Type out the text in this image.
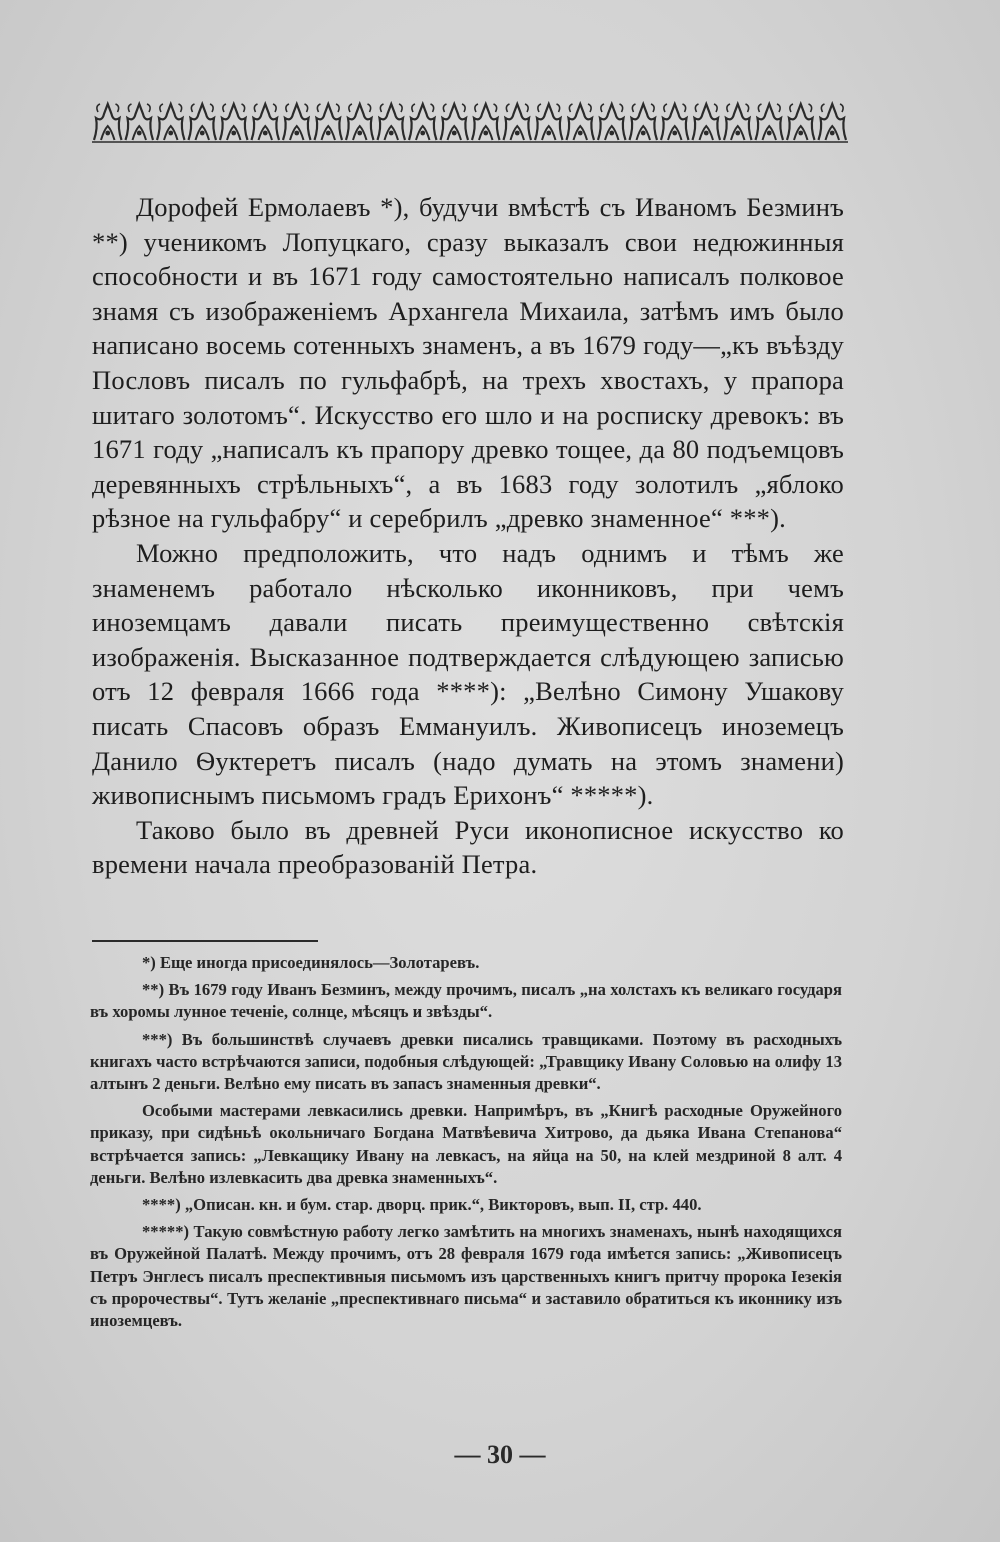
Дорофей Ермолаевъ *), будучи вмѣстѣ съ Иваномъ Безминъ **) ученикомъ Лопуцкаго, сразу выказалъ свои недюжинныя способности и въ 1671 году самостоятельно написалъ полковое знамя съ изображеніемъ Архангела Михаила, затѣмъ имъ было написано восемь сотенныхъ знаменъ, а въ 1679 году—„къ въѣзду Пословъ писалъ по гульфабрѣ, на трехъ хвостахъ, у прапора шитаго золотомъ“. Искусство его шло и на роспиcку древокъ: въ 1671 году „написалъ къ прапору древко тощее, да 80 подъемцовъ деревянныхъ стрѣльныхъ“, а въ 1683 году золотилъ „яблоко рѣзное на гульфабру“ и серебрилъ „древко знаменное“ ***).

Можно предположить, что надъ однимъ и тѣмъ же знаменемъ работало нѣсколько иконниковъ, при чемъ иноземцамъ давали писать преимущественно свѣтскія изображенія. Высказанное подтверждается слѣдующею записью отъ 12 февраля 1666 года ****): „Велѣно Симону Ушакову писать Спасовъ образъ Еммануилъ. Живописецъ иноземецъ Данило Ѳуктеретъ писалъ (надо думать на этомъ знамени) живописнымъ письмомъ градъ Ерихонъ“ *****).

Таково было въ древней Руси иконописное искусство ко времени начала преобразованій Петра.

*) Еще иногда присоединялось—Золотаревъ.

**) Въ 1679 году Иванъ Безминъ, между прочимъ, писалъ „на холстахъ къ великаго государя въ хоромы лунное теченіе, солнце, мѣсяцъ и звѣзды“.

***) Въ большинствѣ случаевъ древки писались травщиками. Поэтому въ расходныхъ книгахъ часто встрѣчаются записи, подобныя слѣдующей: „Травщику Ивану Соловью на олифу 13 алтынъ 2 деньги. Велѣно ему писать въ запасъ знаменныя древки“.

Особыми мастерами левкасились древки. Напримѣръ, въ „Книгѣ расходные Оружейного приказу, при сидѣньѣ окольничаго Богдана Матвѣевича Хитрово, да дьяка Ивана Степанова“ встрѣчается запись: „Левкащику Ивану на левкасъ, на яйца на 50, на клей мездриной 8 алт. 4 деньги. Велѣно излевкасить два древка знаменныхъ“.

****) „Описан. кн. и бум. стар. дворц. прик.“, Викторовъ, вып. II, стр. 440.

*****) Такую совмѣстную работу легко замѣтить на многихъ знаменахъ, нынѣ находящихся въ Оружейной Палатѣ. Между прочимъ, отъ 28 февраля 1679 года имѣется запись: „Живописецъ Петръ Энглесъ писалъ преспективныя письмомъ изъ царственныхъ книгъ притчу пророка Іезекія съ пророчествы“. Тутъ желаніе „преспективнаго письма“ и заставило обратиться къ иконнику изъ иноземцевъ.

— 30 —
